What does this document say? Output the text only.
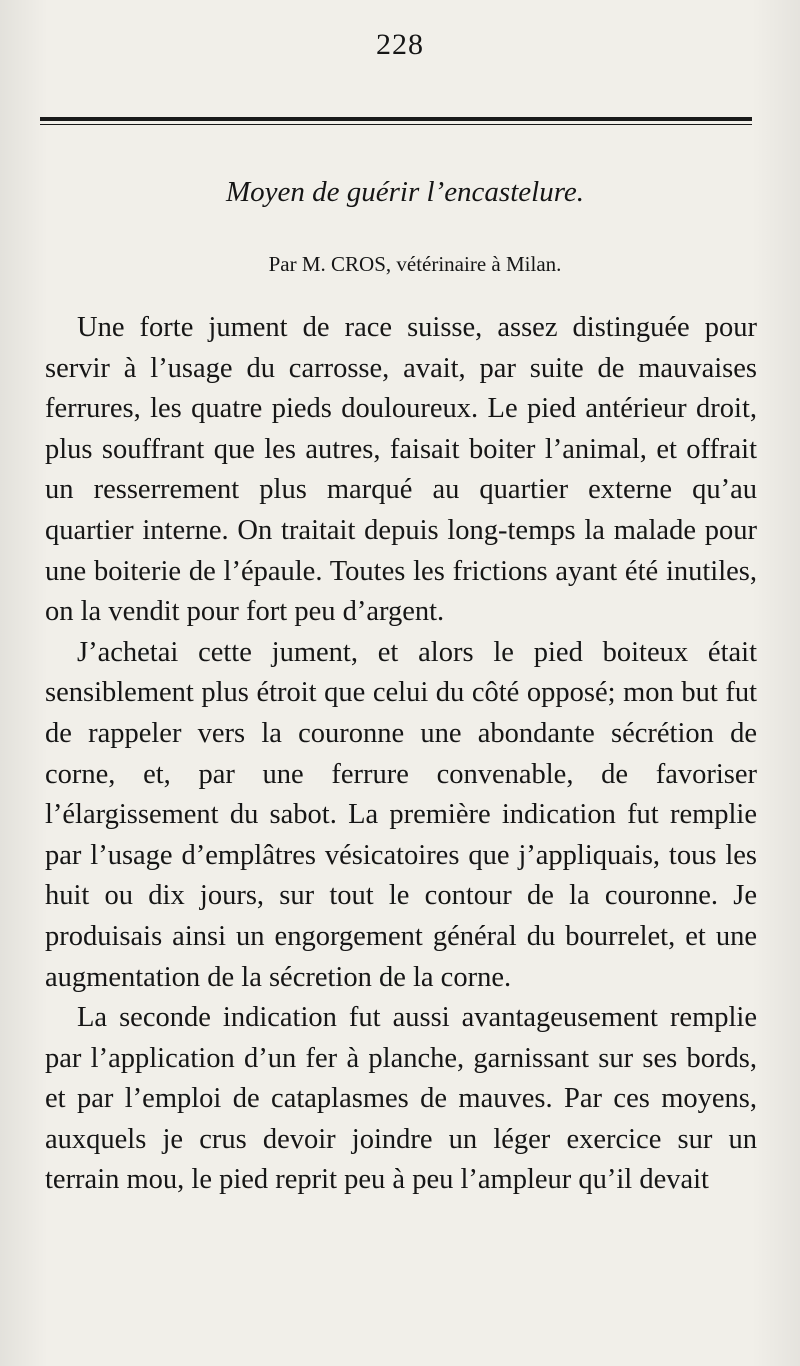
228
Moyen de guérir l’encastelure.
Par M. CROS, vétérinaire à Milan.

Une forte jument de race suisse, assez distinguée pour servir à l’usage du carrosse, avait, par suite de mauvaises ferrures, les quatre pieds douloureux. Le pied antérieur droit, plus souffrant que les autres, faisait boiter l’animal, et offrait un resserrement plus marqué au quartier externe qu’au quartier interne. On traitait depuis long-temps la malade pour une boiterie de l’épaule. Toutes les frictions ayant été inutiles, on la vendit pour fort peu d’argent.

J’achetai cette jument, et alors le pied boiteux était sensiblement plus étroit que celui du côté opposé; mon but fut de rappeler vers la couronne une abondante sécrétion de corne, et, par une ferrure convenable, de favoriser l’élargissement du sabot. La première indication fut remplie par l’usage d’emplâtres vésicatoires que j’appliquais, tous les huit ou dix jours, sur tout le contour de la couronne. Je produisais ainsi un engorgement général du bourrelet, et une augmentation de la sécretion de la corne.

La seconde indication fut aussi avantageusement remplie par l’application d’un fer à planche, garnissant sur ses bords, et par l’emploi de cataplasmes de mauves. Par ces moyens, auxquels je crus devoir joindre un léger exercice sur un terrain mou, le pied reprit peu à peu l’ampleur qu’il devait
